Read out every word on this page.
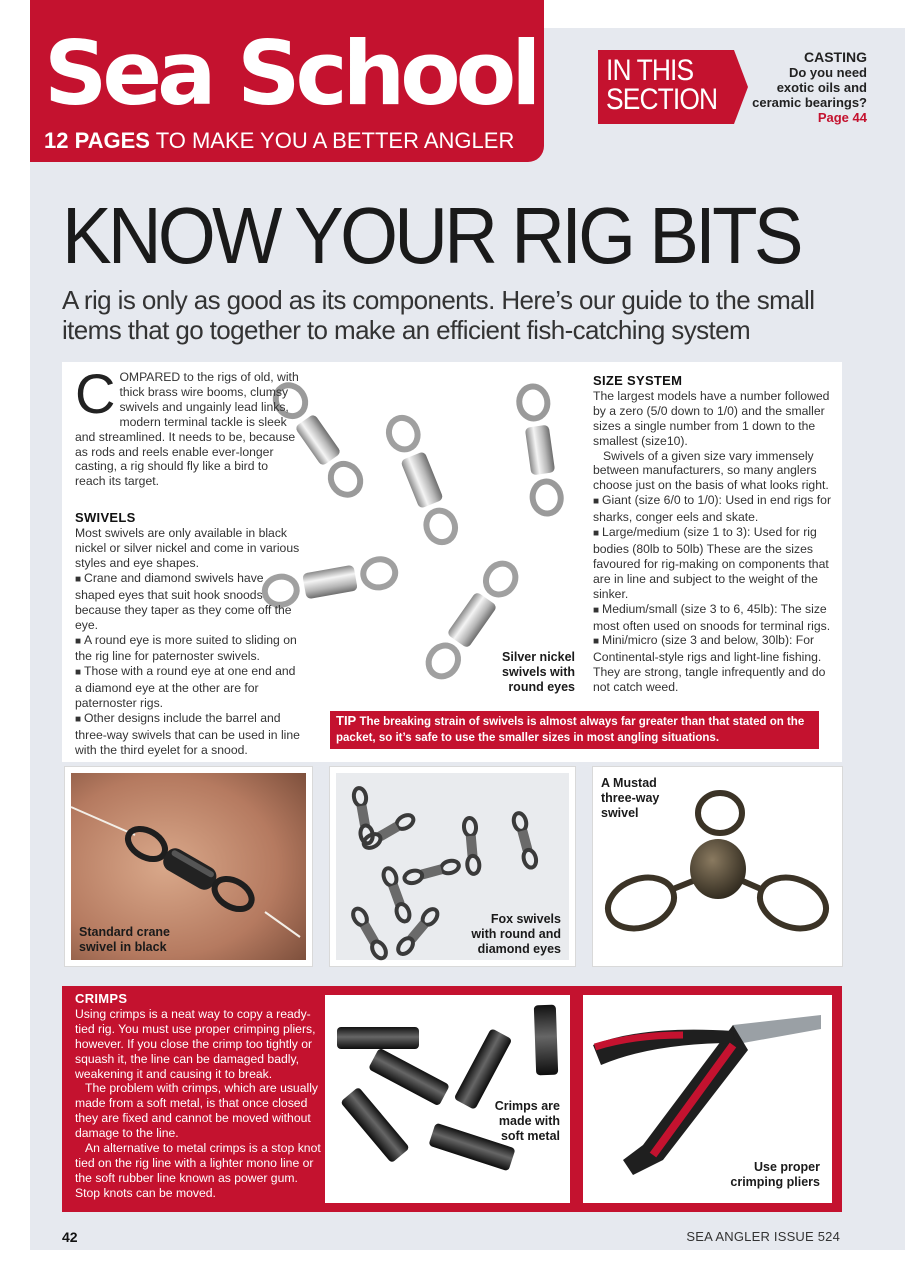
Sea School
12 PAGES TO MAKE YOU A BETTER ANGLER
IN THIS
SECTION
CASTING
Do you need
exotic oils and
ceramic bearings?
Page 44
KNOW YOUR RIG BITS

A rig is only as good as its components. Here’s our guide to the small items that go together to make an efficient fish-catching system

Silver nickel
swivels with
round eyes

COMPARED to the rigs of old, with thick brass wire booms, clumsy swivels and ungainly lead links, modern terminal tackle is sleek and streamlined. It needs to be, because as rods and reels enable ever-longer casting, a rig should fly like a bird to reach its target.

SWIVELS

Most swivels are only available in black nickel or silver nickel and come in various styles and eye shapes.

■ Crane and diamond swivels have shaped eyes that suit hook snoods because they taper as they come off the eye.

■ A round eye is more suited to sliding on the rig line for paternoster swivels.

■ Those with a round eye at one end and a diamond eye at the other are for paternoster rigs.

■ Other designs include the barrel and three-way swivels that can be used in line with the third eyelet for a snood.

SIZE SYSTEM

The largest models have a number followed by a zero (5/0 down to 1/0) and the smaller sizes a single number from 1 down to the smallest (size10).

Swivels of a given size vary immensely between manufacturers, so many anglers choose just on the basis of what looks right.

■ Giant (size 6/0 to 1/0): Used in end rigs for sharks, conger eels and skate.

■ Large/medium (size 1 to 3): Used for rig bodies (80lb to 50lb) These are the sizes favoured for rig-making on components that are in line and subject to the weight of the sinker.

■ Medium/small (size 3 to 6, 45lb): The size most often used on snoods for terminal rigs.

■ Mini/micro (size 3 and below, 30lb): For Continental-style rigs and light-line fishing. They are strong, tangle infrequently and do not catch weed.

TIP The breaking strain of swivels is almost always far greater than that stated on the packet, so it’s safe to use the smaller sizes in most angling situations.
Standard crane
swivel in black
Fox swivels
with round and
diamond eyes
A Mustad
three-way
swivel
CRIMPS

Using crimps is a neat way to copy a ready-tied rig. You must use proper crimping pliers, however. If you close the crimp too tightly or squash it, the line can be damaged badly, weakening it and causing it to break.

The problem with crimps, which are usually made from a soft metal, is that once closed they are fixed and cannot be moved without damage to the line.

An alternative to metal crimps is a stop knot tied on the rig line with a lighter mono line or the soft rubber line known as power gum. Stop knots can be moved.

Crimps are
made with
soft metal
Use proper
crimping pliers
42	SEA ANGLER ISSUE 524
